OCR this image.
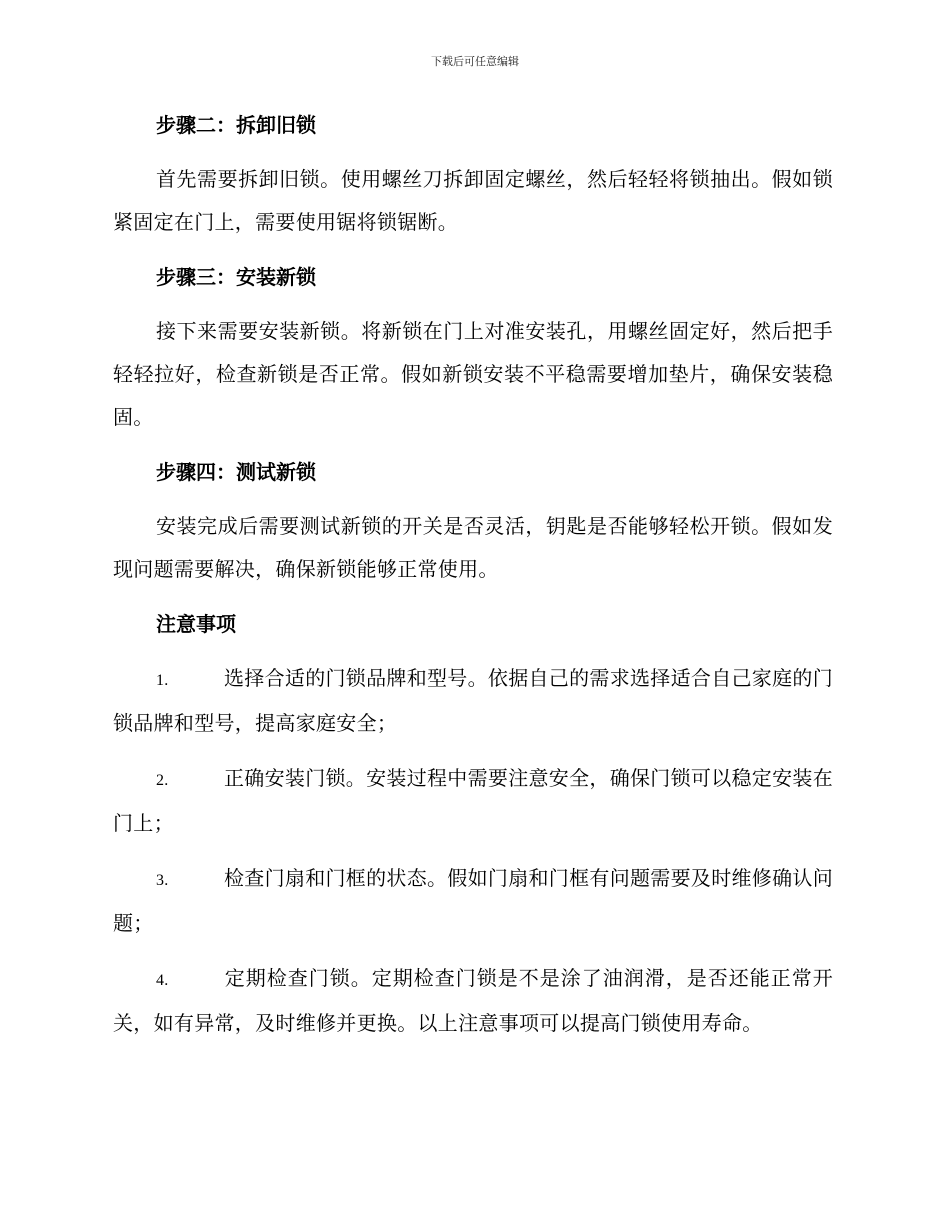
下载后可任意编辑
步骤二：拆卸旧锁

首先需要拆卸旧锁。使用螺丝刀拆卸固定螺丝，然后轻轻将锁抽出。假如锁紧固定在门上，需要使用锯将锁锯断。

步骤三：安装新锁

接下来需要安装新锁。将新锁在门上对准安装孔，用螺丝固定好，然后把手轻轻拉好，检查新锁是否正常。假如新锁安装不平稳需要增加垫片，确保安装稳固。

步骤四：测试新锁

安装完成后需要测试新锁的开关是否灵活，钥匙是否能够轻松开锁。假如发现问题需要解决，确保新锁能够正常使用。

注意事项
1.	选择合适的门锁品牌和型号。依据自己的需求选择适合自己家庭的门锁品牌和型号，提高家庭安全；
2.	正确安装门锁。安装过程中需要注意安全，确保门锁可以稳定安装在门上；
3.	检查门扇和门框的状态。假如门扇和门框有问题需要及时维修确认问题；
4.	定期检查门锁。定期检查门锁是不是涂了油润滑，是否还能正常开关，如有异常，及时维修并更换。以上注意事项可以提高门锁使用寿命。
